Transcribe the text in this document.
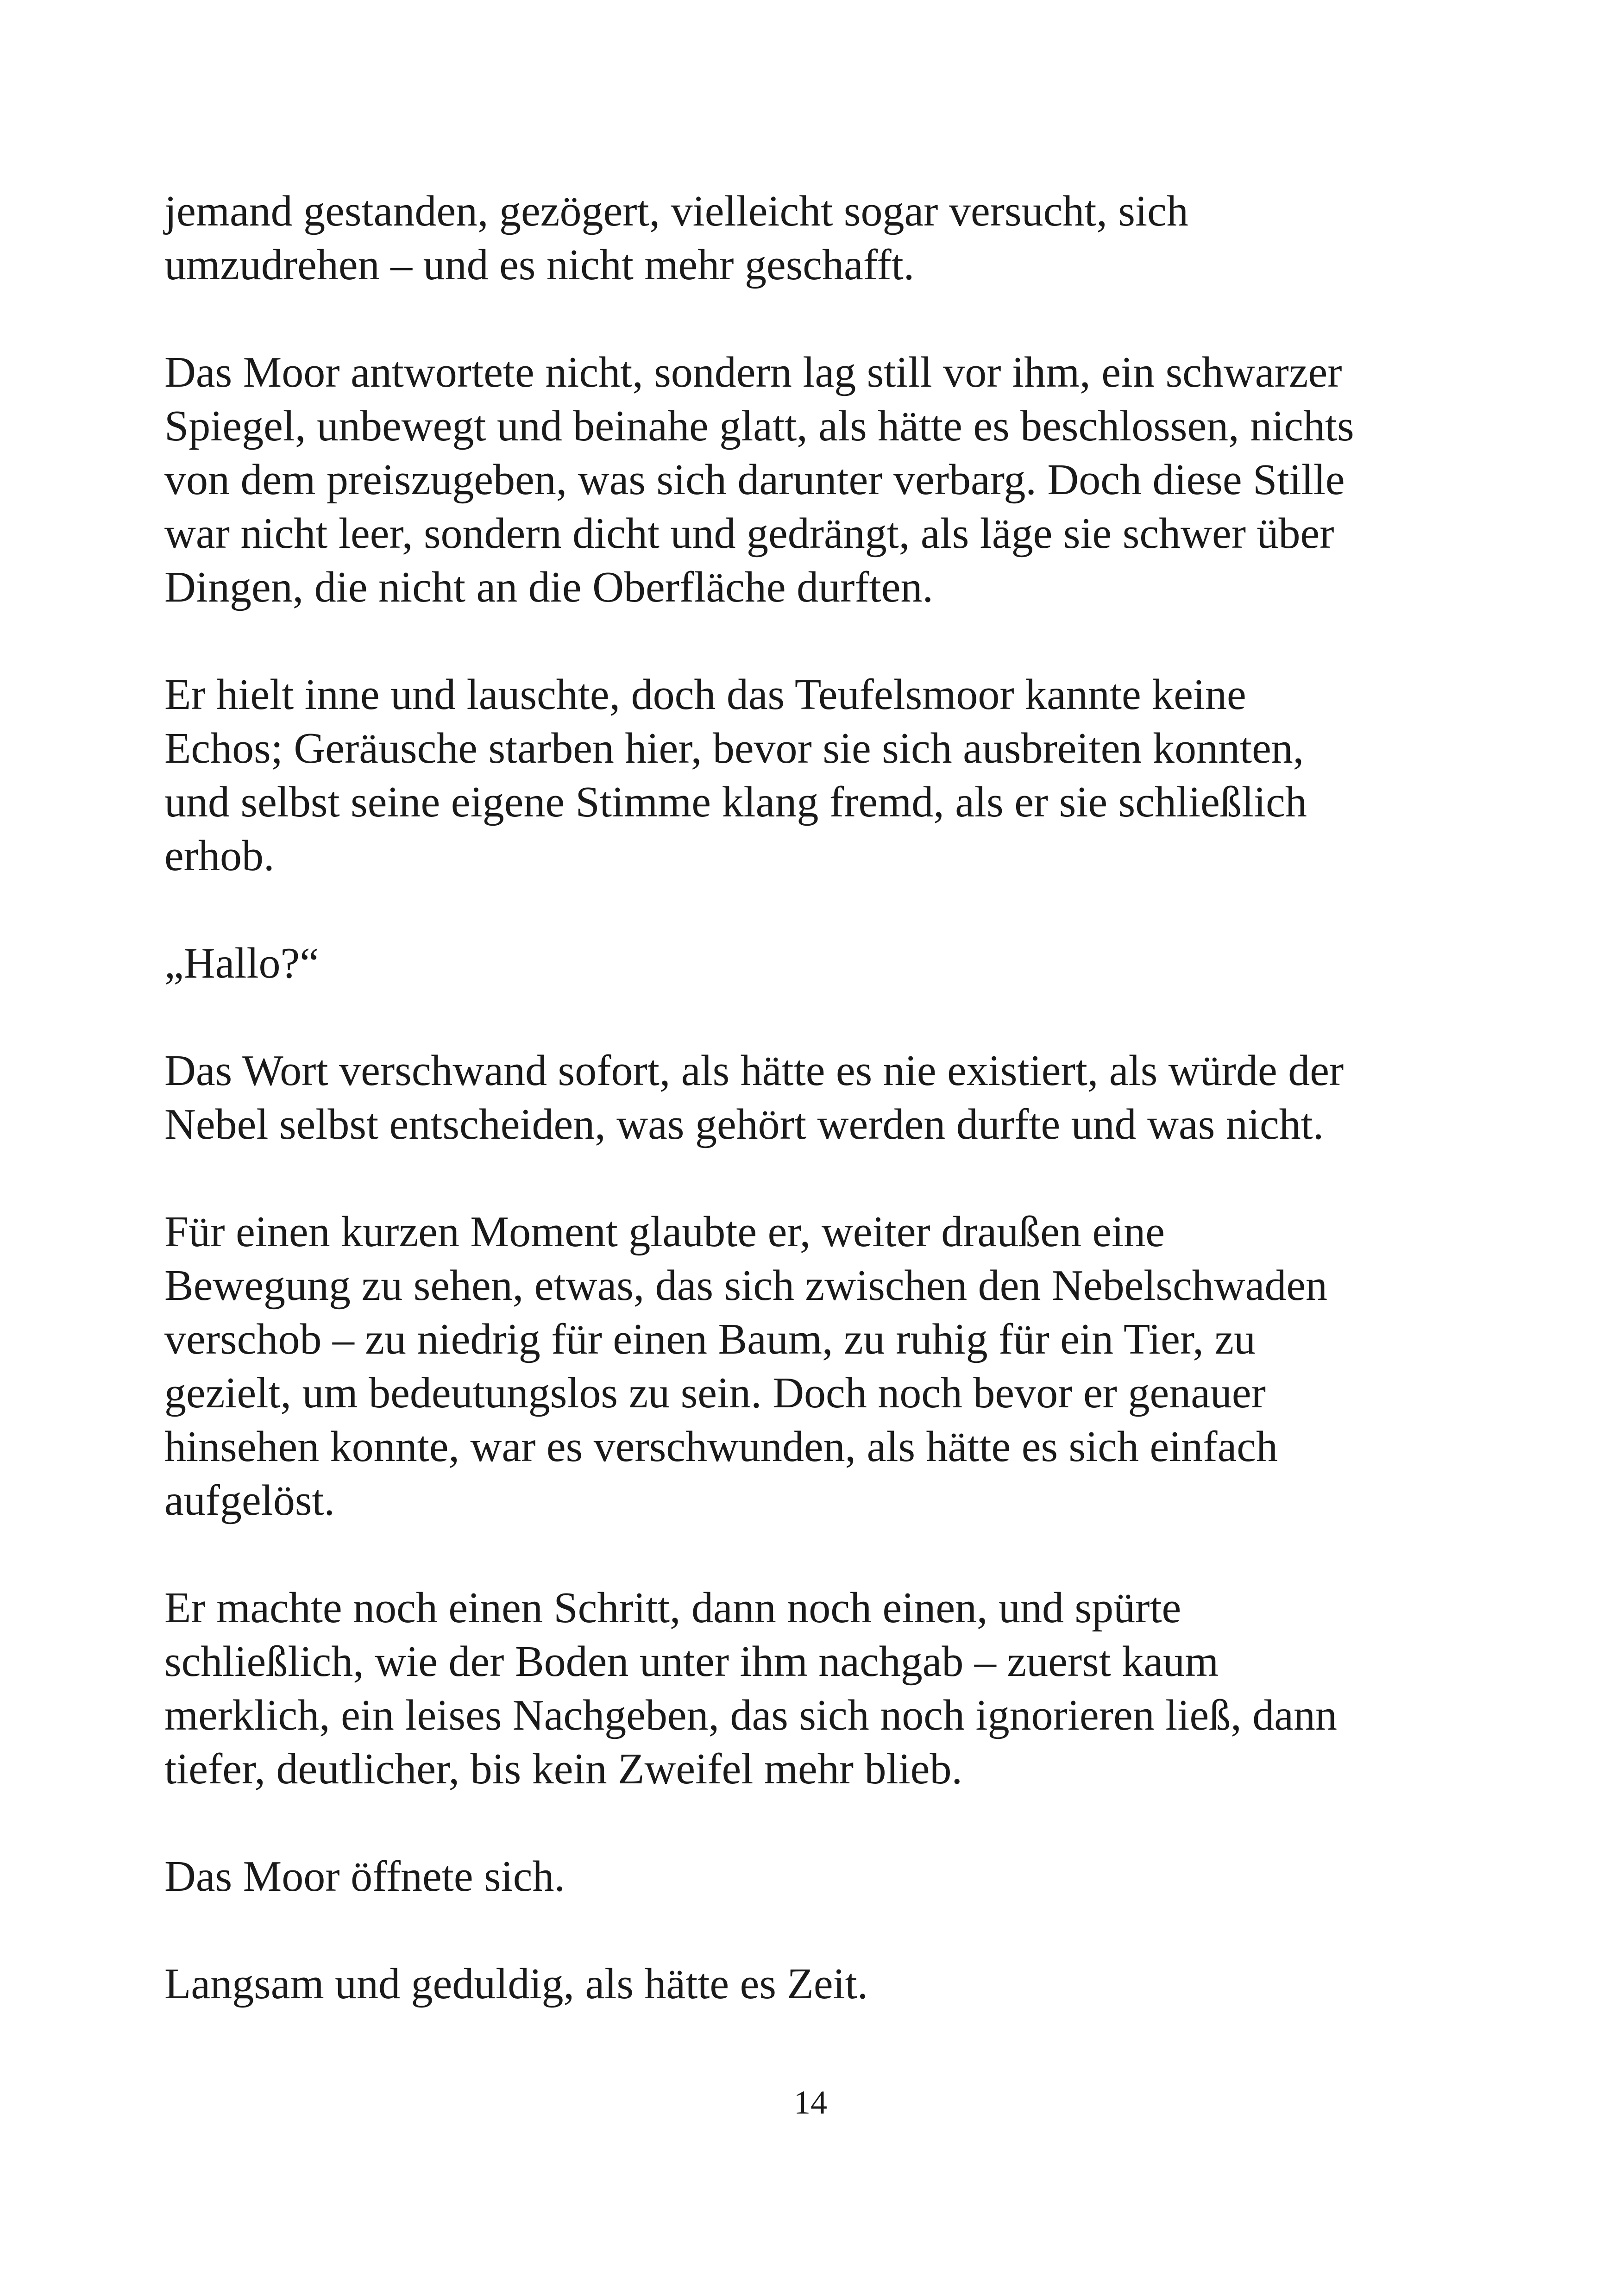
jemand gestanden, gezögert, vielleicht sogar versucht, sich
umzudrehen – und es nicht mehr geschafft.
Das Moor antwortete nicht, sondern lag still vor ihm, ein schwarzer
Spiegel, unbewegt und beinahe glatt, als hätte es beschlossen, nichts
von dem preiszugeben, was sich darunter verbarg. Doch diese Stille
war nicht leer, sondern dicht und gedrängt, als läge sie schwer über
Dingen, die nicht an die Oberfläche durften.
Er hielt inne und lauschte, doch das Teufelsmoor kannte keine
Echos; Geräusche starben hier, bevor sie sich ausbreiten konnten,
und selbst seine eigene Stimme klang fremd, als er sie schließlich
erhob.
„Hallo?“
Das Wort verschwand sofort, als hätte es nie existiert, als würde der
Nebel selbst entscheiden, was gehört werden durfte und was nicht.
Für einen kurzen Moment glaubte er, weiter draußen eine
Bewegung zu sehen, etwas, das sich zwischen den Nebelschwaden
verschob – zu niedrig für einen Baum, zu ruhig für ein Tier, zu
gezielt, um bedeutungslos zu sein. Doch noch bevor er genauer
hinsehen konnte, war es verschwunden, als hätte es sich einfach
aufgelöst.
Er machte noch einen Schritt, dann noch einen, und spürte
schließlich, wie der Boden unter ihm nachgab – zuerst kaum
merklich, ein leises Nachgeben, das sich noch ignorieren ließ, dann
tiefer, deutlicher, bis kein Zweifel mehr blieb.
Das Moor öffnete sich.
Langsam und geduldig, als hätte es Zeit.
14
